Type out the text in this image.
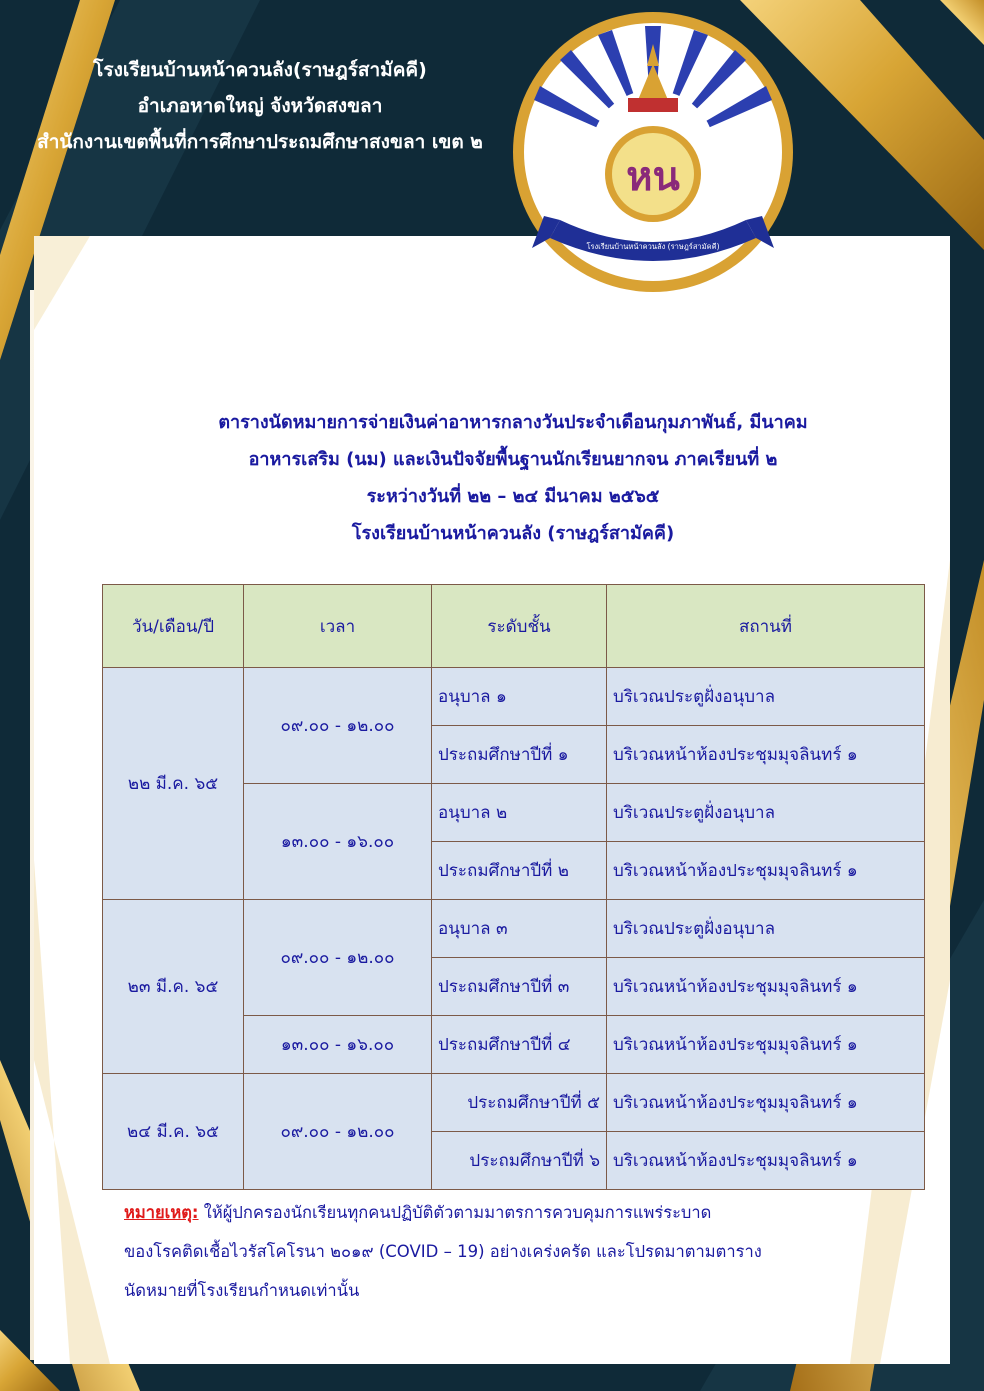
โรงเรียนบ้านหน้าควนลัง(ราษฎร์สามัคคี)
อำเภอหาดใหญ่ จังหวัดสงขลา
สำนักงานเขตพื้นที่การศึกษาประถมศึกษาสงขลา เขต ๒
หน
โรงเรียนบ้านหน้าควนลัง (ราษฎร์สามัคคี)
ตารางนัดหมายการจ่ายเงินค่าอาหารกลางวันประจำเดือนกุมภาพันธ์, มีนาคม
อาหารเสริม (นม) และเงินปัจจัยพื้นฐานนักเรียนยากจน ภาคเรียนที่ ๒
ระหว่างวันที่ ๒๒ – ๒๔ มีนาคม ๒๕๖๕
โรงเรียนบ้านหน้าควนลัง (ราษฎร์สามัคคี)
วัน/เดือน/ปี	เวลา	ระดับชั้น	สถานที่
๒๒ มี.ค. ๖๕	๐๙.๐๐ - ๑๒.๐๐	อนุบาล ๑	บริเวณประตูฝั่งอนุบาล
		ประถมศึกษาปีที่ ๑	บริเวณหน้าห้องประชุมมุจลินทร์ ๑
	๑๓.๐๐ - ๑๖.๐๐	อนุบาล ๒	บริเวณประตูฝั่งอนุบาล
		ประถมศึกษาปีที่ ๒	บริเวณหน้าห้องประชุมมุจลินทร์ ๑
๒๓ มี.ค. ๖๕	๐๙.๐๐ - ๑๒.๐๐	อนุบาล ๓	บริเวณประตูฝั่งอนุบาล
		ประถมศึกษาปีที่ ๓	บริเวณหน้าห้องประชุมมุจลินทร์ ๑
	๑๓.๐๐ - ๑๖.๐๐	ประถมศึกษาปีที่ ๔	บริเวณหน้าห้องประชุมมุจลินทร์ ๑
๒๔ มี.ค. ๖๕	๐๙.๐๐ - ๑๒.๐๐	ประถมศึกษาปีที่ ๕	บริเวณหน้าห้องประชุมมุจลินทร์ ๑
		ประถมศึกษาปีที่ ๖	บริเวณหน้าห้องประชุมมุจลินทร์ ๑
หมายเหตุ: ให้ผู้ปกครองนักเรียนทุกคนปฏิบัติตัวตามมาตรการควบคุมการแพร่ระบาด
ของโรคติดเชื้อไวรัสโคโรนา ๒๐๑๙ (COVID – 19) อย่างเคร่งครัด และโปรดมาตามตาราง
นัดหมายที่โรงเรียนกำหนดเท่านั้น
